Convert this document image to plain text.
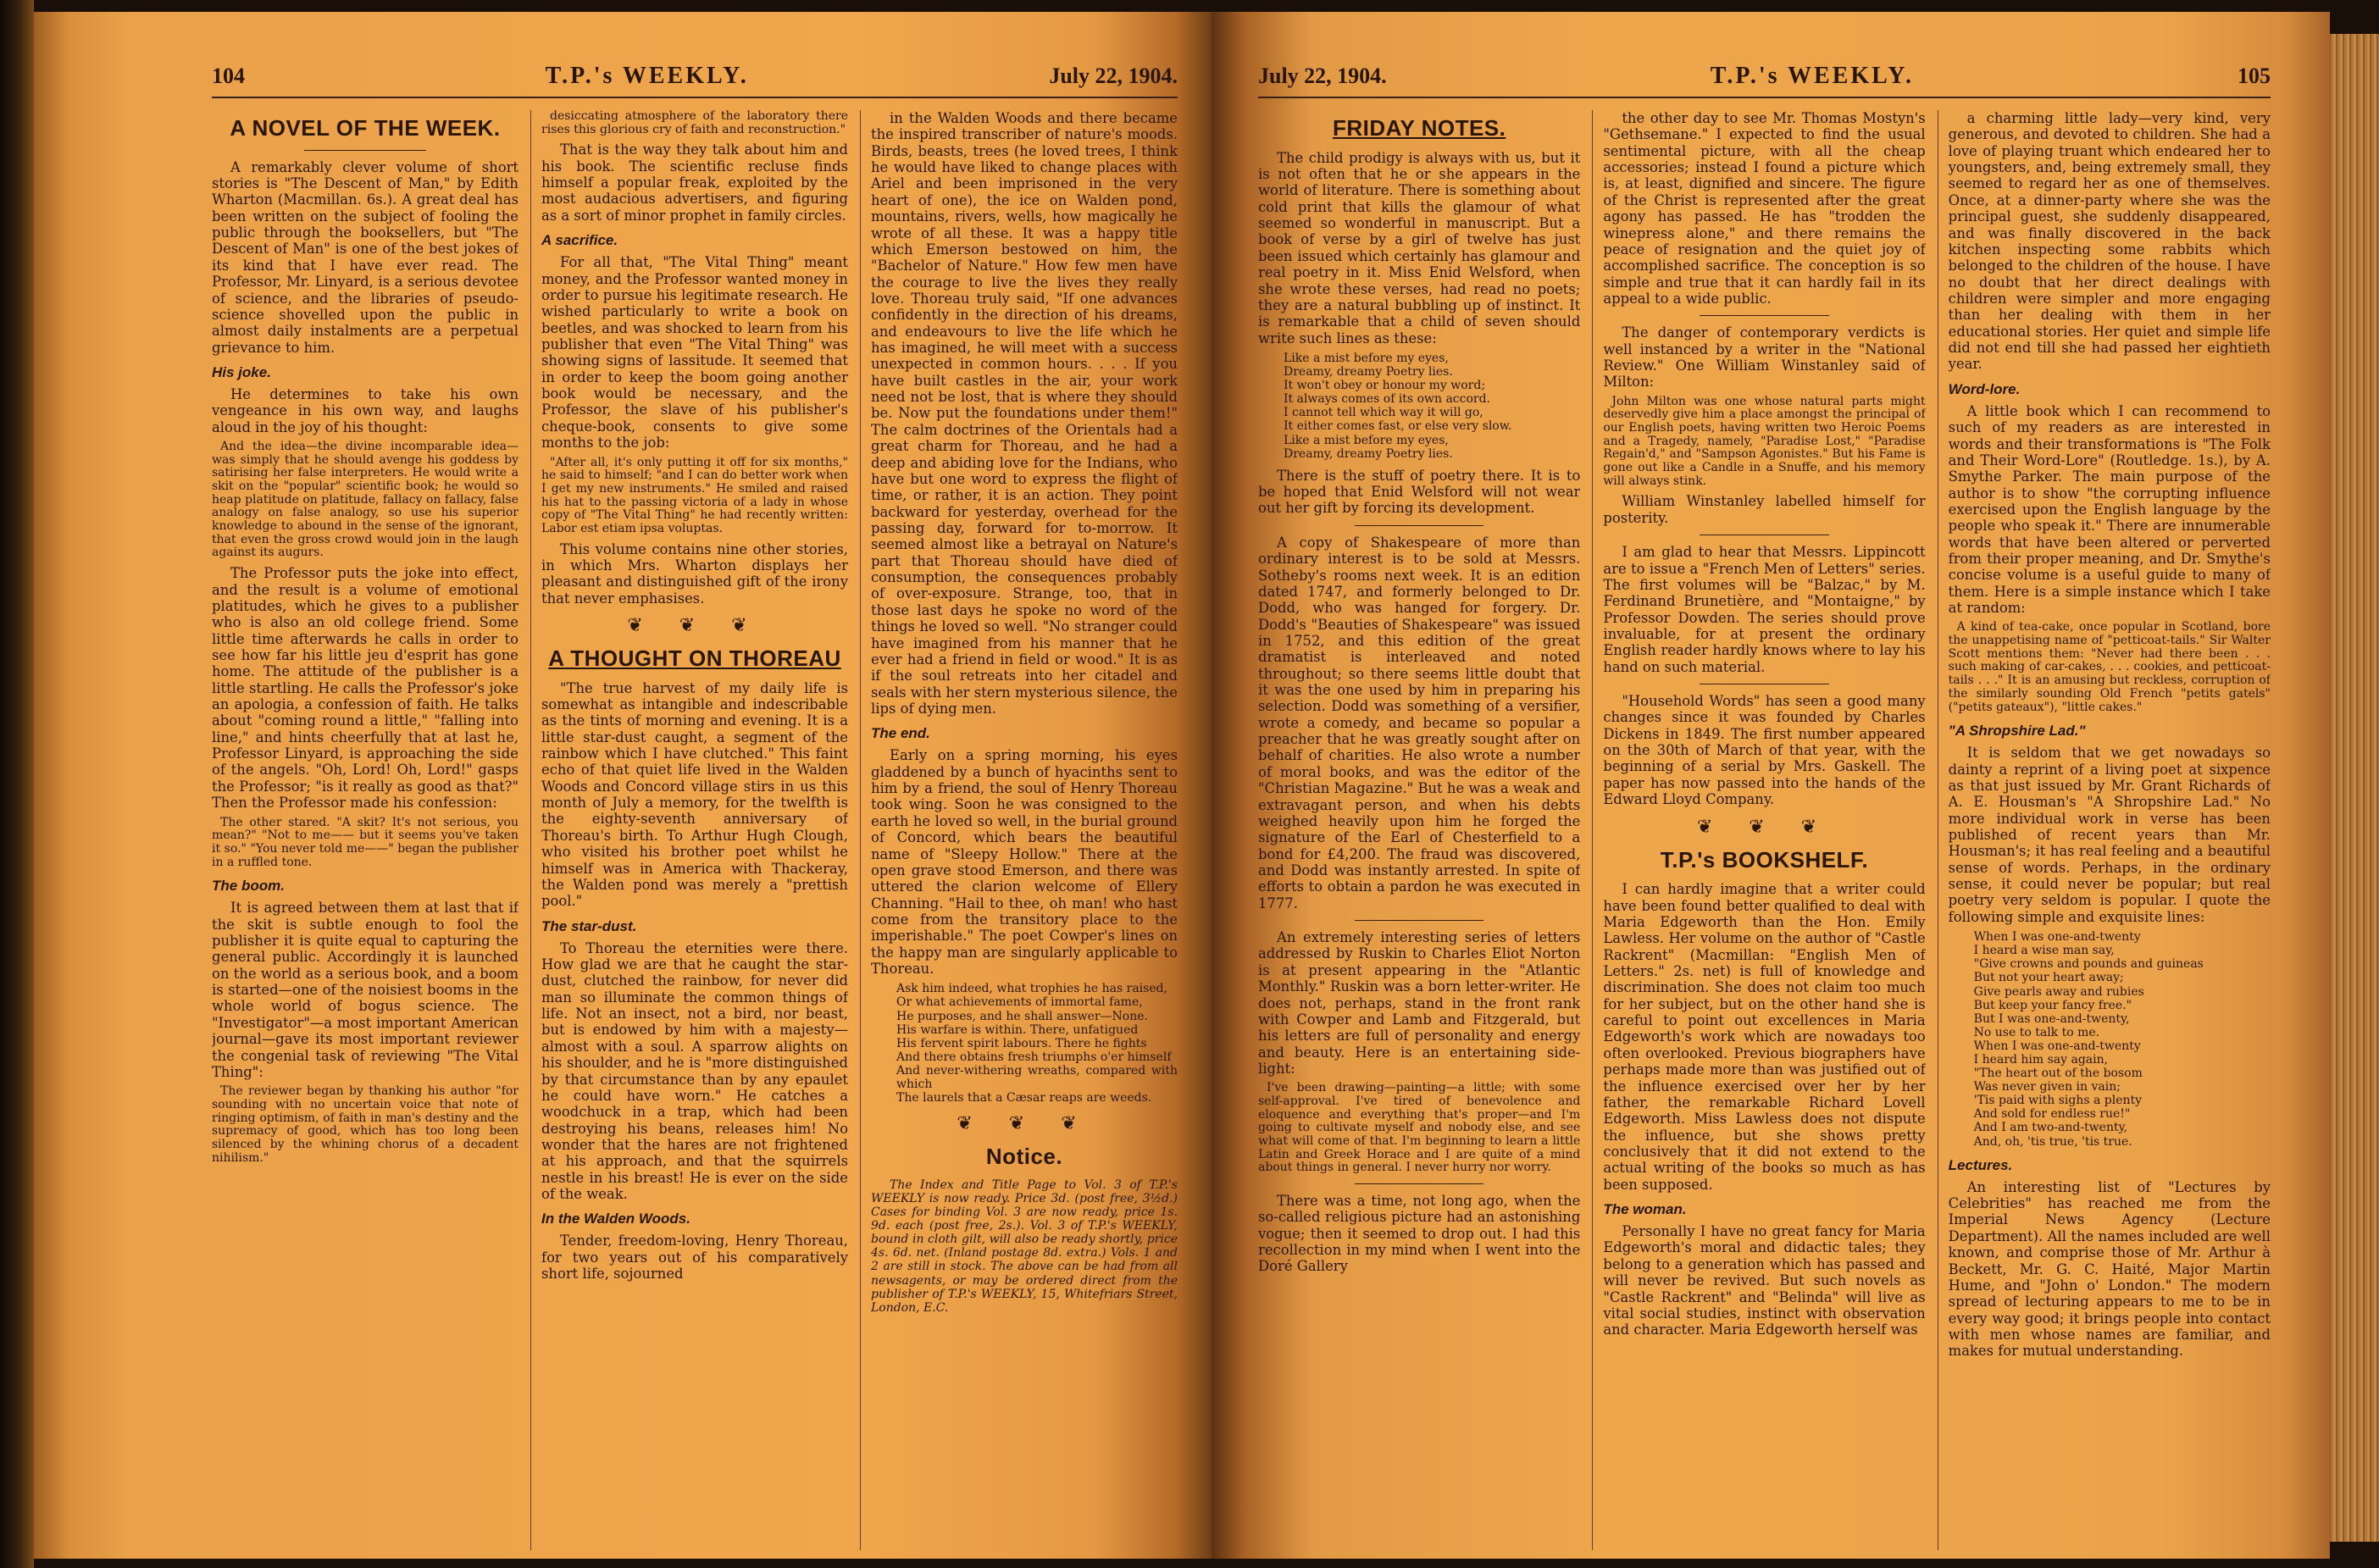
104	T.P.'s WEEKLY.	July 22, 1904.
A NOVEL OF THE WEEK.

A remarkably clever volume of short stories is "The Descent of Man," by Edith Wharton (Macmillan. 6s.). A great deal has been written on the subject of fooling the public through the booksellers, but "The Descent of Man" is one of the best jokes of its kind that I have ever read. The Professor, Mr. Linyard, is a serious devotee of science, and the libraries of pseudo-science shovelled upon the public in almost daily instalments are a perpetual grievance to him.

His joke.

He determines to take his own vengeance in his own way, and laughs aloud in the joy of his thought:

And the idea—the divine incomparable idea—was simply that he should avenge his goddess by satirising her false interpreters. He would write a skit on the "popular" scientific book; he would so heap platitude on platitude, fallacy on fallacy, false analogy on false analogy, so use his superior knowledge to abound in the sense of the ignorant, that even the gross crowd would join in the laugh against its augurs.

The Professor puts the joke into effect, and the result is a volume of emotional platitudes, which he gives to a publisher who is also an old college friend. Some little time afterwards he calls in order to see how far his little jeu d'esprit has gone home. The attitude of the publisher is a little startling. He calls the Professor's joke an apologia, a confession of faith. He talks about "coming round a little," "falling into line," and hints cheerfully that at last he, Professor Linyard, is approaching the side of the angels. "Oh, Lord! Oh, Lord!" gasps the Professor; "is it really as good as that?" Then the Professor made his confession:

The other stared. "A skit? It's not serious, you mean?" "Not to me—— but it seems you've taken it so." "You never told me——" began the publisher in a ruffled tone.

The boom.

It is agreed between them at last that if the skit is subtle enough to fool the publisher it is quite equal to capturing the general public. Accordingly it is launched on the world as a serious book, and a boom is started—one of the noisiest booms in the whole world of bogus science. The "Investigator"—a most important American journal—gave its most important reviewer the congenial task of reviewing "The Vital Thing":

The reviewer began by thanking his author "for sounding with no uncertain voice that note of ringing optimism, of faith in man's destiny and the supremacy of good, which has too long been silenced by the whining chorus of a decadent nihilism."

desiccating atmosphere of the laboratory there rises this glorious cry of faith and reconstruction."

That is the way they talk about him and his book. The scientific recluse finds himself a popular freak, exploited by the most audacious advertisers, and figuring as a sort of minor prophet in family circles.

A sacrifice.

For all that, "The Vital Thing" meant money, and the Professor wanted money in order to pursue his legitimate research. He wished particularly to write a book on beetles, and was shocked to learn from his publisher that even "The Vital Thing" was showing signs of lassitude. It seemed that in order to keep the boom going another book would be necessary, and the Professor, the slave of his publisher's cheque-book, consents to give some months to the job:

"After all, it's only putting it off for six months," he said to himself; "and I can do better work when I get my new instruments." He smiled and raised his hat to the passing victoria of a lady in whose copy of "The Vital Thing" he had recently written: Labor est etiam ipsa voluptas.

This volume contains nine other stories, in which Mrs. Wharton displays her pleasant and distinguished gift of the irony that never emphasises.

❦ ❦ ❦
A THOUGHT ON THOREAU

"The true harvest of my daily life is somewhat as intangible and indescribable as the tints of morning and evening. It is a little star-dust caught, a segment of the rainbow which I have clutched." This faint echo of that quiet life lived in the Walden Woods and Concord village stirs in us this month of July a memory, for the twelfth is the eighty-seventh anniversary of Thoreau's birth. To Arthur Hugh Clough, who visited his brother poet whilst he himself was in America with Thackeray, the Walden pond was merely a "prettish pool."

The star-dust.

To Thoreau the eternities were there. How glad we are that he caught the star-dust, clutched the rainbow, for never did man so illuminate the common things of life. Not an insect, not a bird, nor beast, but is endowed by him with a majesty—almost with a soul. A sparrow alights on his shoulder, and he is "more distinguished by that circumstance than by any epaulet he could have worn." He catches a woodchuck in a trap, which had been destroying his beans, releases him! No wonder that the hares are not frightened at his approach, and that the squirrels nestle in his breast! He is ever on the side of the weak.

In the Walden Woods.

Tender, freedom-loving, Henry Thoreau, for two years out of his comparatively short life, sojourned

in the Walden Woods and there became the inspired transcriber of nature's moods. Birds, beasts, trees (he loved trees, I think he would have liked to change places with Ariel and been imprisoned in the very heart of one), the ice on Walden pond, mountains, rivers, wells, how magically he wrote of all these. It was a happy title which Emerson bestowed on him, the "Bachelor of Nature." How few men have the courage to live the lives they really love. Thoreau truly said, "If one advances confidently in the direction of his dreams, and endeavours to live the life which he has imagined, he will meet with a success unexpected in common hours. . . . If you have built castles in the air, your work need not be lost, that is where they should be. Now put the foundations under them!" The calm doctrines of the Orientals had a great charm for Thoreau, and he had a deep and abiding love for the Indians, who have but one word to express the flight of time, or rather, it is an action. They point backward for yesterday, overhead for the passing day, forward for to-morrow. It seemed almost like a betrayal on Nature's part that Thoreau should have died of consumption, the consequences probably of over-exposure. Strange, too, that in those last days he spoke no word of the things he loved so well. "No stranger could have imagined from his manner that he ever had a friend in field or wood." It is as if the soul retreats into her citadel and seals with her stern mysterious silence, the lips of dying men.

The end.

Early on a spring morning, his eyes gladdened by a bunch of hyacinths sent to him by a friend, the soul of Henry Thoreau took wing. Soon he was consigned to the earth he loved so well, in the burial ground of Concord, which bears the beautiful name of "Sleepy Hollow." There at the open grave stood Emerson, and there was uttered the clarion welcome of Ellery Channing. "Hail to thee, oh man! who hast come from the transitory place to the imperishable." The poet Cowper's lines on the happy man are singularly applicable to Thoreau.

Ask him indeed, what trophies he has raised,
Or what achievements of immortal fame,
He purposes, and he shall answer—None.
His warfare is within. There, unfatigued
His fervent spirit labours. There he fights
And there obtains fresh triumphs o'er himself
And never-withering wreaths, compared with which
The laurels that a Cæsar reaps are weeds.
❦ ❦ ❦
Notice.

The Index and Title Page to Vol. 3 of T.P.'s WEEKLY is now ready. Price 3d. (post free, 3½d.) Cases for binding Vol. 3 are now ready, price 1s. 9d. each (post free, 2s.). Vol. 3 of T.P.'s WEEKLY, bound in cloth gilt, will also be ready shortly, price 4s. 6d. net. (Inland postage 8d. extra.) Vols. 1 and 2 are still in stock. The above can be had from all newsagents, or may be ordered direct from the publisher of T.P.'s WEEKLY, 15, Whitefriars Street, London, E.C.

July 22, 1904.	T.P.'s WEEKLY.	105
FRIDAY NOTES.

The child prodigy is always with us, but it is not often that he or she appears in the world of literature. There is something about cold print that kills the glamour of what seemed so wonderful in manuscript. But a book of verse by a girl of twelve has just been issued which certainly has glamour and real poetry in it. Miss Enid Welsford, when she wrote these verses, had read no poets; they are a natural bubbling up of instinct. It is remarkable that a child of seven should write such lines as these:

Like a mist before my eyes,
Dreamy, dreamy Poetry lies.
It won't obey or honour my word;
It always comes of its own accord.
I cannot tell which way it will go,
It either comes fast, or else very slow.
Like a mist before my eyes,
Dreamy, dreamy Poetry lies.

There is the stuff of poetry there. It is to be hoped that Enid Welsford will not wear out her gift by forcing its development.

A copy of Shakespeare of more than ordinary interest is to be sold at Messrs. Sotheby's rooms next week. It is an edition dated 1747, and formerly belonged to Dr. Dodd, who was hanged for forgery. Dr. Dodd's "Beauties of Shakespeare" was issued in 1752, and this edition of the great dramatist is interleaved and noted throughout; so there seems little doubt that it was the one used by him in preparing his selection. Dodd was something of a versifier, wrote a comedy, and became so popular a preacher that he was greatly sought after on behalf of charities. He also wrote a number of moral books, and was the editor of the "Christian Magazine." But he was a weak and extravagant person, and when his debts weighed heavily upon him he forged the signature of the Earl of Chesterfield to a bond for £4,200. The fraud was discovered, and Dodd was instantly arrested. In spite of efforts to obtain a pardon he was executed in 1777.

An extremely interesting series of letters addressed by Ruskin to Charles Eliot Norton is at present appearing in the "Atlantic Monthly." Ruskin was a born letter-writer. He does not, perhaps, stand in the front rank with Cowper and Lamb and Fitzgerald, but his letters are full of personality and energy and beauty. Here is an entertaining side-light:

I've been drawing—painting—a little; with some self-approval. I've tired of benevolence and eloquence and everything that's proper—and I'm going to cultivate myself and nobody else, and see what will come of that. I'm beginning to learn a little Latin and Greek Horace and I are quite of a mind about things in general. I never hurry nor worry.

There was a time, not long ago, when the so-called religious picture had an astonishing vogue; then it seemed to drop out. I had this recollection in my mind when I went into the Doré Gallery

the other day to see Mr. Thomas Mostyn's "Gethsemane." I expected to find the usual sentimental picture, with all the cheap accessories; instead I found a picture which is, at least, dignified and sincere. The figure of the Christ is represented after the great agony has passed. He has "trodden the winepress alone," and there remains the peace of resignation and the quiet joy of accomplished sacrifice. The conception is so simple and true that it can hardly fail in its appeal to a wide public.

The danger of contemporary verdicts is well instanced by a writer in the "National Review." One William Winstanley said of Milton:

John Milton was one whose natural parts might deservedly give him a place amongst the principal of our English poets, having written two Heroic Poems and a Tragedy, namely, "Paradise Lost," "Paradise Regain'd," and "Sampson Agonistes." But his Fame is gone out like a Candle in a Snuffe, and his memory will always stink.

William Winstanley labelled himself for posterity.

I am glad to hear that Messrs. Lippincott are to issue a "French Men of Letters" series. The first volumes will be "Balzac," by M. Ferdinand Brunetière, and "Montaigne," by Professor Dowden. The series should prove invaluable, for at present the ordinary English reader hardly knows where to lay his hand on such material.

"Household Words" has seen a good many changes since it was founded by Charles Dickens in 1849. The first number appeared on the 30th of March of that year, with the beginning of a serial by Mrs. Gaskell. The paper has now passed into the hands of the Edward Lloyd Company.

❦ ❦ ❦
T.P.'s BOOKSHELF.

I can hardly imagine that a writer could have been found better qualified to deal with Maria Edgeworth than the Hon. Emily Lawless. Her volume on the author of "Castle Rackrent" (Macmillan: "English Men of Letters." 2s. net) is full of knowledge and discrimination. She does not claim too much for her subject, but on the other hand she is careful to point out excellences in Maria Edgeworth's work which are nowadays too often overlooked. Previous biographers have perhaps made more than was justified out of the influence exercised over her by her father, the remarkable Richard Lovell Edgeworth. Miss Lawless does not dispute the influence, but she shows pretty conclusively that it did not extend to the actual writing of the books so much as has been supposed.

The woman.

Personally I have no great fancy for Maria Edgeworth's moral and didactic tales; they belong to a generation which has passed and will never be revived. But such novels as "Castle Rackrent" and "Belinda" will live as vital social studies, instinct with observation and character. Maria Edgeworth herself was

a charming little lady—very kind, very generous, and devoted to children. She had a love of playing truant which endeared her to youngsters, and, being extremely small, they seemed to regard her as one of themselves. Once, at a dinner-party where she was the principal guest, she suddenly disappeared, and was finally discovered in the back kitchen inspecting some rabbits which belonged to the children of the house. I have no doubt that her direct dealings with children were simpler and more engaging than her dealing with them in her educational stories. Her quiet and simple life did not end till she had passed her eightieth year.

Word-lore.

A little book which I can recommend to such of my readers as are interested in words and their transformations is "The Folk and Their Word-Lore" (Routledge. 1s.), by A. Smythe Parker. The main purpose of the author is to show "the corrupting influence exercised upon the English language by the people who speak it." There are innumerable words that have been altered or perverted from their proper meaning, and Dr. Smythe's concise volume is a useful guide to many of them. Here is a simple instance which I take at random:

A kind of tea-cake, once popular in Scotland, bore the unappetising name of "petticoat-tails." Sir Walter Scott mentions them: "Never had there been . . . such making of car-cakes, . . . cookies, and petticoat-tails . . ." It is an amusing but reckless, corruption of the similarly sounding Old French "petits gatels" ("petits gateaux"), "little cakes."

"A Shropshire Lad."

It is seldom that we get nowadays so dainty a reprint of a living poet at sixpence as that just issued by Mr. Grant Richards of A. E. Housman's "A Shropshire Lad." No more individual work in verse has been published of recent years than Mr. Housman's; it has real feeling and a beautiful sense of words. Perhaps, in the ordinary sense, it could never be popular; but real poetry very seldom is popular. I quote the following simple and exquisite lines:

When I was one-and-twenty
I heard a wise man say,
"Give crowns and pounds and guineas
But not your heart away;
Give pearls away and rubies
But keep your fancy free."
But I was one-and-twenty,
No use to talk to me.
When I was one-and-twenty
I heard him say again,
"The heart out of the bosom
Was never given in vain;
'Tis paid with sighs a plenty
And sold for endless rue!"
And I am two-and-twenty,
And, oh, 'tis true, 'tis true.
Lectures.

An interesting list of "Lectures by Celebrities" has reached me from the Imperial News Agency (Lecture Department). All the names included are well known, and comprise those of Mr. Arthur à Beckett, Mr. G. C. Haité, Major Martin Hume, and "John o' London." The modern spread of lecturing appears to me to be in every way good; it brings people into contact with men whose names are familiar, and makes for mutual understanding.
